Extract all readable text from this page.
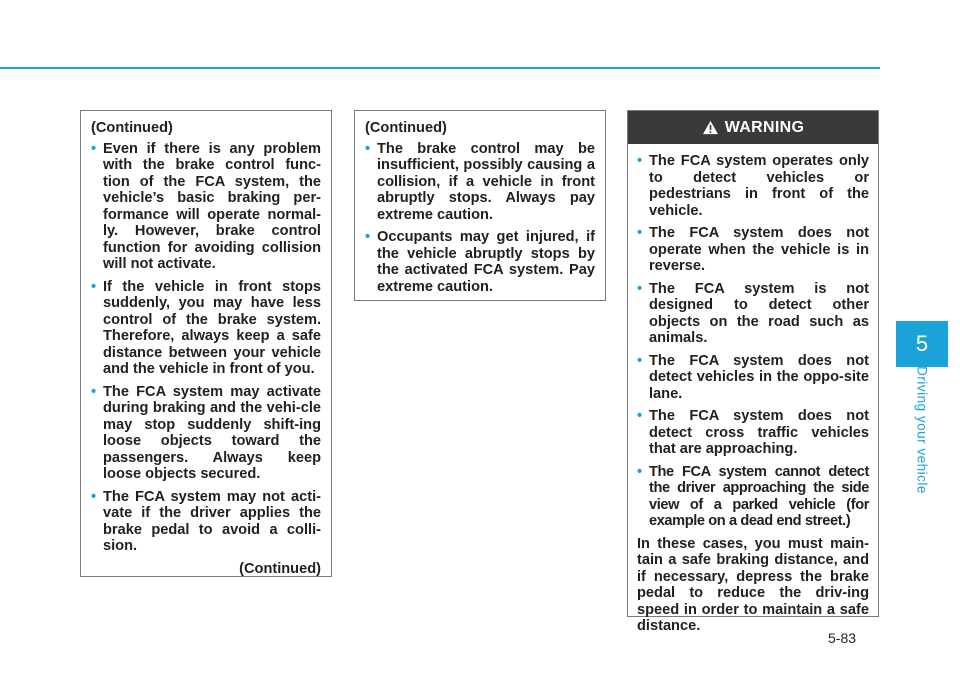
(Continued)

• Even if there is any problem with the brake control func-tion of the FCA system, the vehicle’s basic braking per-formance will operate normal-ly. However, brake control function for avoiding collision will not activate.
• If the vehicle in front stops suddenly, you may have less control of the brake system. Therefore, always keep a safe distance between your vehicle and the vehicle in front of you.
• The FCA system may activate during braking and the vehi-cle may stop suddenly shift-ing loose objects toward the passengers. Always keep loose objects secured.
• The FCA system may not acti-vate if the driver applies the brake pedal to avoid a colli-sion.

(Continued)

(Continued)

• The brake control may be insufficient, possibly causing a collision, if a vehicle in front abruptly stops. Always pay extreme caution.
• Occupants may get injured, if the vehicle abruptly stops by the activated FCA system. Pay extreme caution.
WARNING
• The FCA system operates only to detect vehicles or pedestrians in front of the vehicle.
• The FCA system does not operate when the vehicle is in reverse.
• The FCA system is not designed to detect other objects on the road such as animals.
• The FCA system does not detect vehicles in the oppo-site lane.
• The FCA system does not detect cross traffic vehicles that are approaching.
• The FCA system cannot detect the driver approaching the side view of a parked vehicle (for example on a dead end street.)

In these cases, you must main-tain a safe braking distance, and if necessary, depress the brake pedal to reduce the driv-ing speed in order to maintain a safe distance.

5
Driving your vehicle
5-83
